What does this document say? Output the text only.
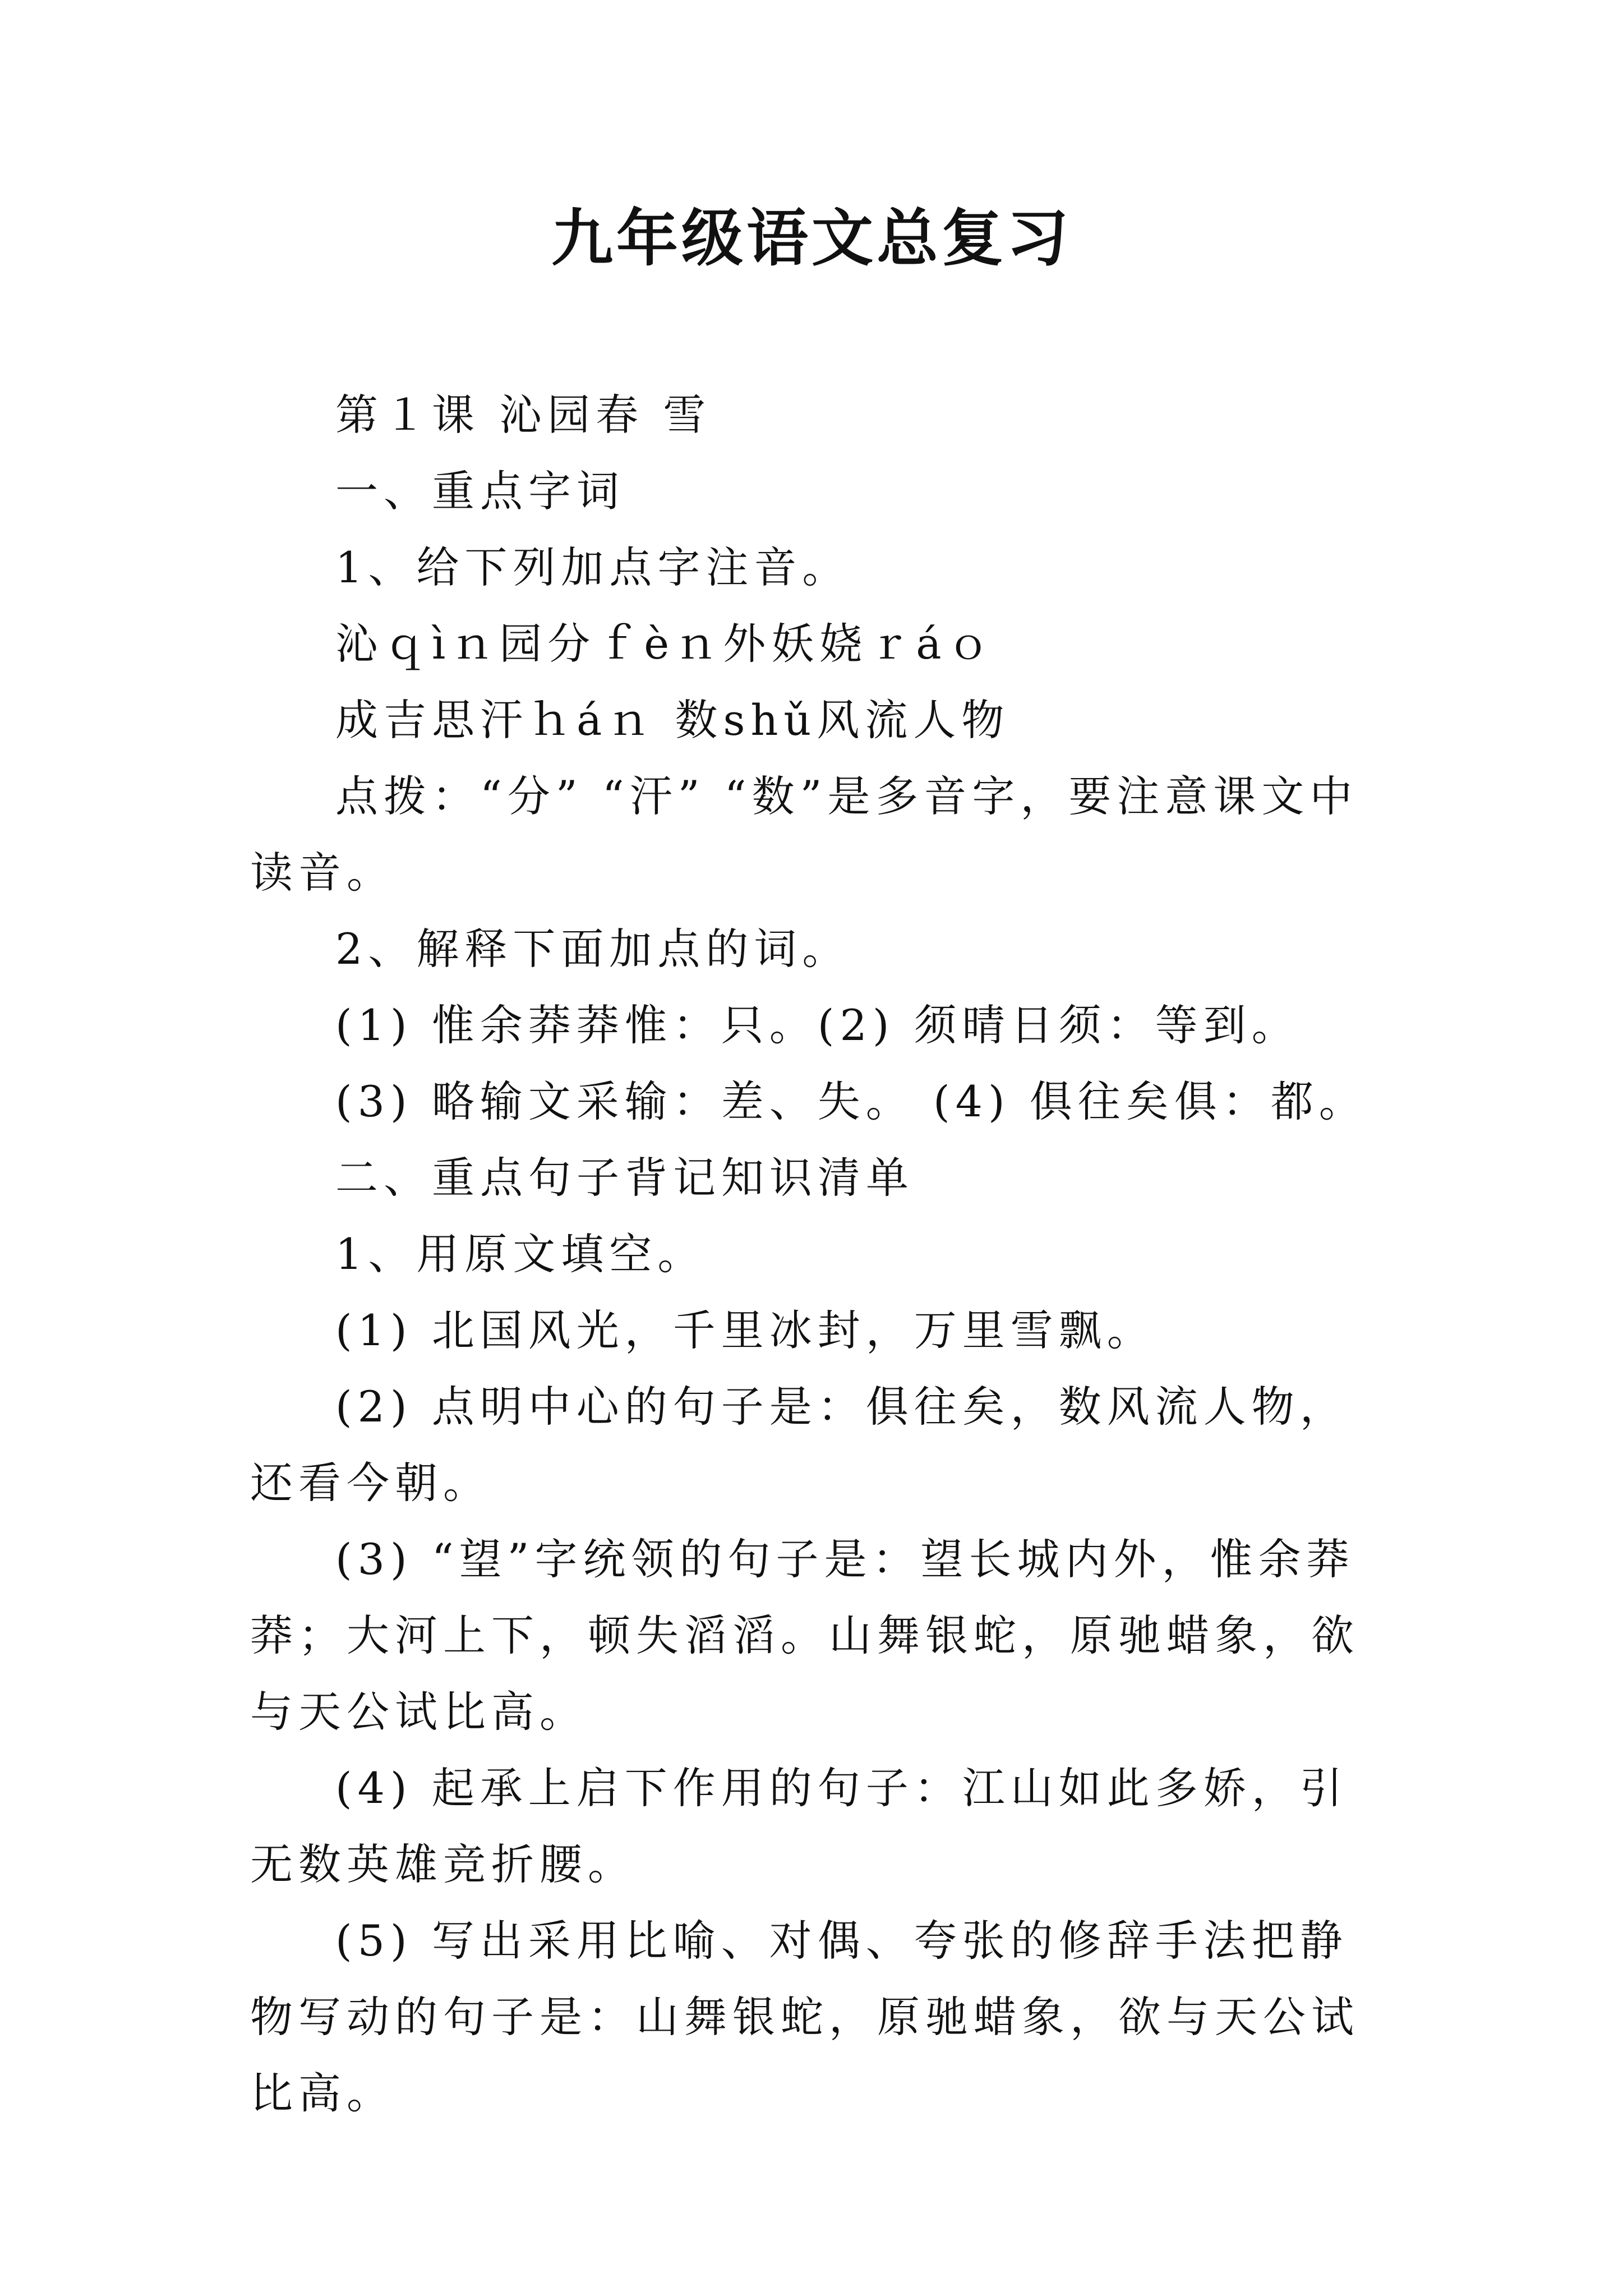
九年级语文总复习

第１课 沁园春 雪

一、重点字词

1、给下列加点字注音。

沁ｑìｎ园分ｆèｎ外妖娆ｒáｏ

成吉思汗ｈáｎ 数shǔ风流人物

点拨：“分” “汗” “数”是多音字，要注意课文中读音。

2、解释下面加点的词。

(1) 惟余莽莽惟：只。(2) 须晴日须：等到。

(3) 略输文采输：差、失。 (4) 俱往矣俱：都。

二、重点句子背记知识清单

1、用原文填空。

(1) 北国风光，千里冰封，万里雪飘。

(2) 点明中心的句子是：俱往矣，数风流人物，还看今朝。

(3) “望”字统领的句子是：望长城内外，惟余莽莽；大河上下，顿失滔滔。山舞银蛇，原驰蜡象，欲与天公试比高。

(4) 起承上启下作用的句子：江山如此多娇，引无数英雄竞折腰。

(5) 写出采用比喻、对偶、夸张的修辞手法把静物写动的句子是：山舞银蛇，原驰蜡象，欲与天公试比高。
